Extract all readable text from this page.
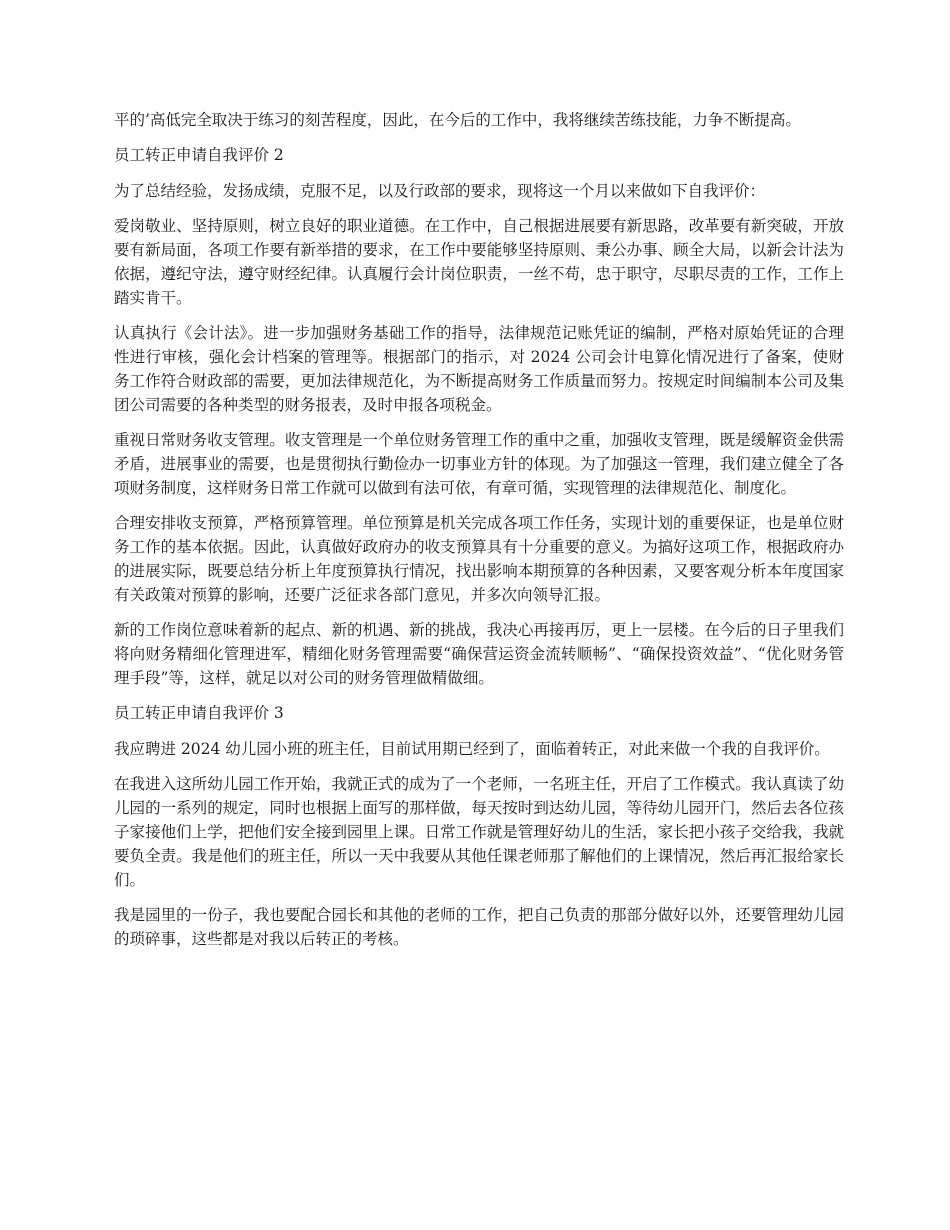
平的’高低完全取决于练习的刻苦程度，因此，在今后的工作中，我将继续苦练技能，力争不断提高。

员工转正申请自我评价 2

为了总结经验，发扬成绩，克服不足，以及行政部的要求，现将这一个月以来做如下自我评价：

爱岗敬业、坚持原则，树立良好的职业道德。在工作中，自己根据进展要有新思路，改革要有新突破，开放要有新局面，各项工作要有新举措的要求，在工作中要能够坚持原则、秉公办事、顾全大局，以新会计法为依据，遵纪守法，遵守财经纪律。认真履行会计岗位职责，一丝不苟，忠于职守，尽职尽责的工作，工作上踏实肯干。

认真执行《会计法》。进一步加强财务基础工作的指导，法律规范记账凭证的编制，严格对原始凭证的合理性进行审核，强化会计档案的管理等。根据部门的指示，对 2024 公司会计电算化情况进行了备案，使财务工作符合财政部的需要，更加法律规范化，为不断提高财务工作质量而努力。按规定时间编制本公司及集团公司需要的各种类型的财务报表，及时申报各项税金。

重视日常财务收支管理。收支管理是一个单位财务管理工作的重中之重，加强收支管理，既是缓解资金供需矛盾，进展事业的需要，也是贯彻执行勤俭办一切事业方针的体现。为了加强这一管理，我们建立健全了各项财务制度，这样财务日常工作就可以做到有法可依，有章可循，实现管理的法律规范化、制度化。

合理安排收支预算，严格预算管理。单位预算是机关完成各项工作任务，实现计划的重要保证，也是单位财务工作的基本依据。因此，认真做好政府办的收支预算具有十分重要的意义。为搞好这项工作，根据政府办的进展实际，既要总结分析上年度预算执行情况，找出影响本期预算的各种因素，又要客观分析本年度国家有关政策对预算的影响，还要广泛征求各部门意见，并多次向领导汇报。

新的工作岗位意味着新的起点、新的机遇、新的挑战，我决心再接再厉，更上一层楼。在今后的日子里我们将向财务精细化管理进军，精细化财务管理需要“确保营运资金流转顺畅”、“确保投资效益”、“优化财务管理手段”等，这样，就足以对公司的财务管理做精做细。

员工转正申请自我评价 3

我应聘进 2024 幼儿园小班的班主任，目前试用期已经到了，面临着转正，对此来做一个我的自我评价。

在我进入这所幼儿园工作开始，我就正式的成为了一个老师，一名班主任，开启了工作模式。我认真读了幼儿园的一系列的规定，同时也根据上面写的那样做，每天按时到达幼儿园，等待幼儿园开门，然后去各位孩子家接他们上学，把他们安全接到园里上课。日常工作就是管理好幼儿的生活，家长把小孩子交给我，我就要负全责。我是他们的班主任，所以一天中我要从其他任课老师那了解他们的上课情况，然后再汇报给家长们。

我是园里的一份子，我也要配合园长和其他的老师的工作，把自己负责的那部分做好以外，还要管理幼儿园的琐碎事，这些都是对我以后转正的考核。
